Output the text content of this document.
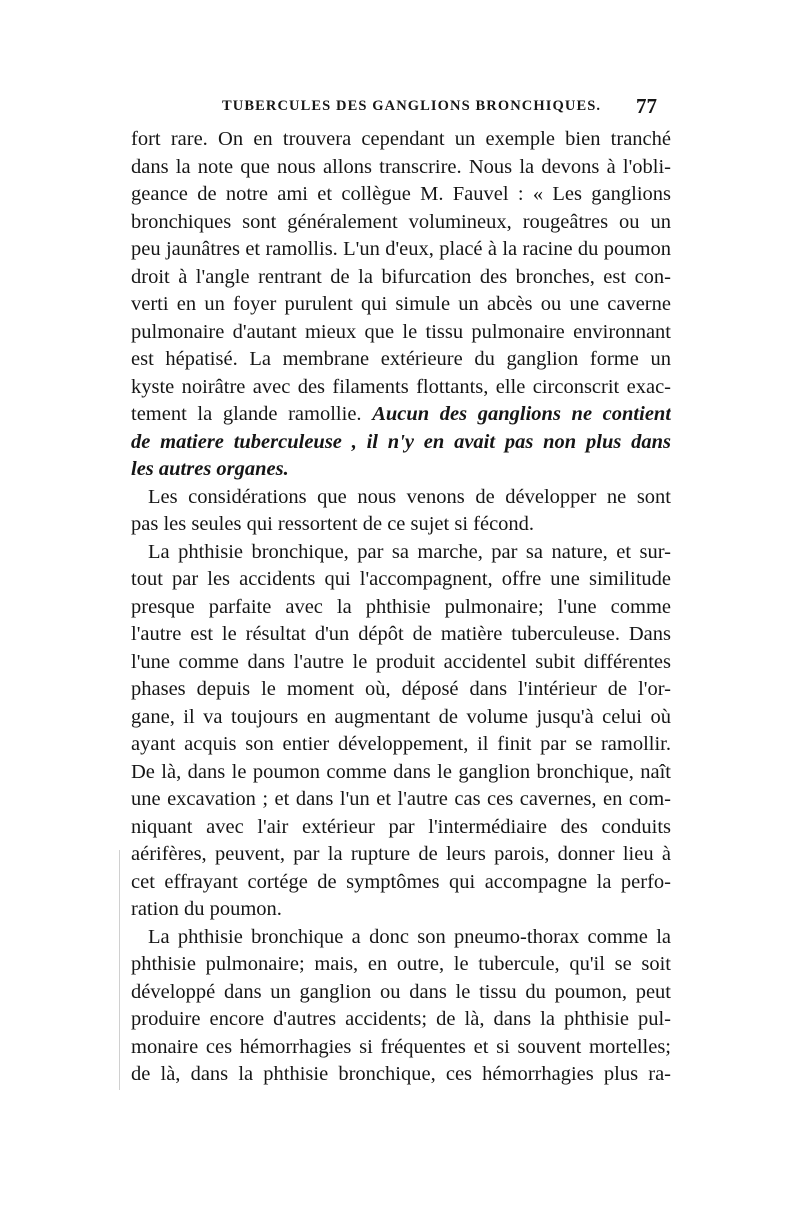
TUBERCULES DES GANGLIONS BRONCHIQUES. 77
fort rare. On en trouvera cependant un exemple bien tranché
dans la note que nous allons transcrire. Nous la devons à l'obli-
geance de notre ami et collègue M. Fauvel : « Les ganglions
bronchiques sont généralement volumineux, rougeâtres ou un
peu jaunâtres et ramollis. L'un d'eux, placé à la racine du poumon
droit à l'angle rentrant de la bifurcation des bronches, est con-
verti en un foyer purulent qui simule un abcès ou une caverne
pulmonaire d'autant mieux que le tissu pulmonaire environnant
est hépatisé. La membrane extérieure du ganglion forme un
kyste noirâtre avec des filaments flottants, elle circonscrit exac-
tement la glande ramollie. Aucun des ganglions ne contient
de matiere tuberculeuse , il n'y en avait pas non plus dans
les autres organes.
Les considérations que nous venons de développer ne sont
pas les seules qui ressortent de ce sujet si fécond.
La phthisie bronchique, par sa marche, par sa nature, et sur-
tout par les accidents qui l'accompagnent, offre une similitude
presque parfaite avec la phthisie pulmonaire; l'une comme
l'autre est le résultat d'un dépôt de matière tuberculeuse. Dans
l'une comme dans l'autre le produit accidentel subit différentes
phases depuis le moment où, déposé dans l'intérieur de l'or-
gane, il va toujours en augmentant de volume jusqu'à celui où
ayant acquis son entier développement, il finit par se ramollir.
De là, dans le poumon comme dans le ganglion bronchique, naît
une excavation ; et dans l'un et l'autre cas ces cavernes, en com-
niquant avec l'air extérieur par l'intermédiaire des conduits
aérifères, peuvent, par la rupture de leurs parois, donner lieu à
cet effrayant cortége de symptômes qui accompagne la perfo-
ration du poumon.
La phthisie bronchique a donc son pneumo-thorax comme la
phthisie pulmonaire; mais, en outre, le tubercule, qu'il se soit
développé dans un ganglion ou dans le tissu du poumon, peut
produire encore d'autres accidents; de là, dans la phthisie pul-
monaire ces hémorrhagies si fréquentes et si souvent mortelles;
de là, dans la phthisie bronchique, ces hémorrhagies plus ra-
